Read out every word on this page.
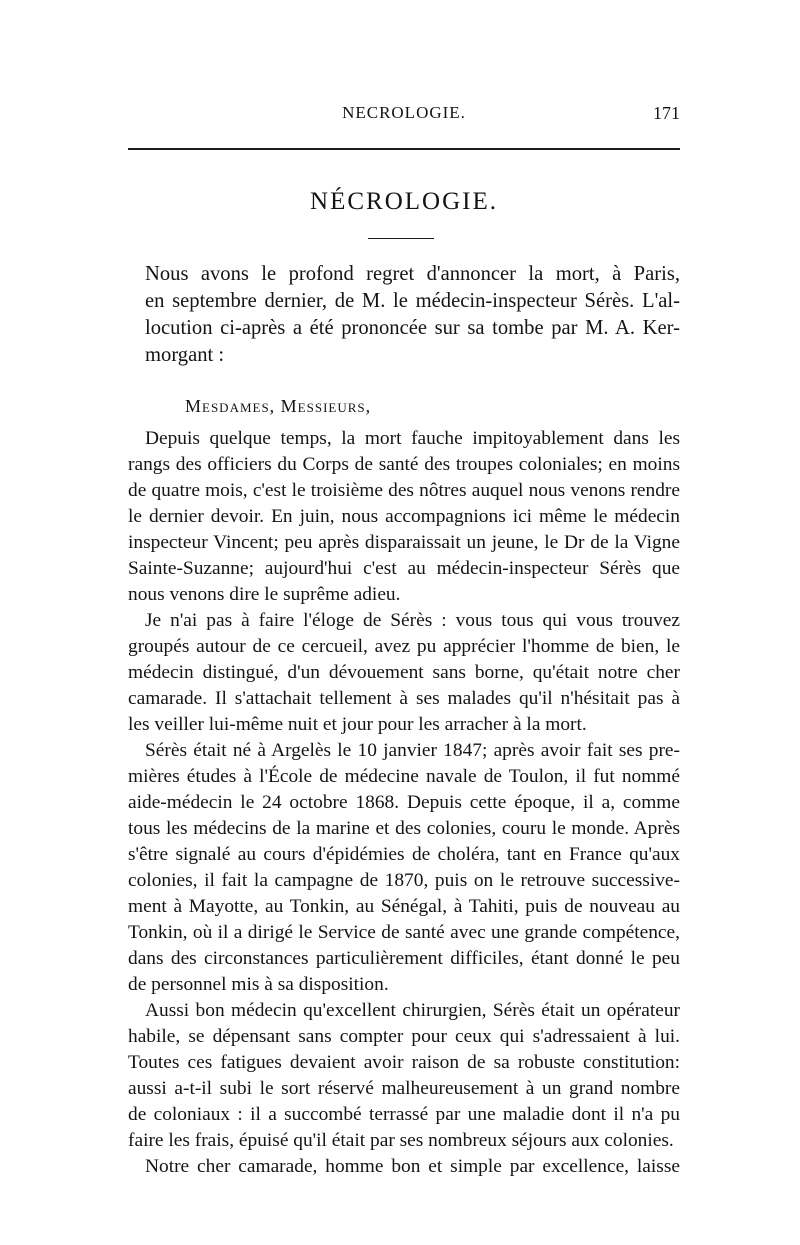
NECROLOGIE.	171
NÉCROLOGIE.
Nous avons le profond regret d'annoncer la mort, à Paris,
en septembre dernier, de M. le médecin-inspecteur Sérès. L'al-
locution ci-après a été prononcée sur sa tombe par M. A. Ker-
morgant :
Mesdames, Messieurs,
Depuis quelque temps, la mort fauche impitoyablement dans les
rangs des officiers du Corps de santé des troupes coloniales; en moins
de quatre mois, c'est le troisième des nôtres auquel nous venons rendre
le dernier devoir. En juin, nous accompagnions ici même le médecin
inspecteur Vincent; peu après disparaissait un jeune, le Dr de la Vigne
Sainte-Suzanne; aujourd'hui c'est au médecin-inspecteur Sérès que
nous venons dire le suprême adieu.
Je n'ai pas à faire l'éloge de Sérès : vous tous qui vous trouvez
groupés autour de ce cercueil, avez pu apprécier l'homme de bien, le
médecin distingué, d'un dévouement sans borne, qu'était notre cher
camarade. Il s'attachait tellement à ses malades qu'il n'hésitait pas à
les veiller lui-même nuit et jour pour les arracher à la mort.
Sérès était né à Argelès le 10 janvier 1847; après avoir fait ses pre-
mières études à l'École de médecine navale de Toulon, il fut nommé
aide-médecin le 24 octobre 1868. Depuis cette époque, il a, comme
tous les médecins de la marine et des colonies, couru le monde. Après
s'être signalé au cours d'épidémies de choléra, tant en France qu'aux
colonies, il fait la campagne de 1870, puis on le retrouve successive-
ment à Mayotte, au Tonkin, au Sénégal, à Tahiti, puis de nouveau au
Tonkin, où il a dirigé le Service de santé avec une grande compétence,
dans des circonstances particulièrement difficiles, étant donné le peu
de personnel mis à sa disposition.
Aussi bon médecin qu'excellent chirurgien, Sérès était un opérateur
habile, se dépensant sans compter pour ceux qui s'adressaient à lui.
Toutes ces fatigues devaient avoir raison de sa robuste constitution:
aussi a-t-il subi le sort réservé malheureusement à un grand nombre
de coloniaux : il a succombé terrassé par une maladie dont il n'a pu
faire les frais, épuisé qu'il était par ses nombreux séjours aux colonies.
Notre cher camarade, homme bon et simple par excellence, laisse
